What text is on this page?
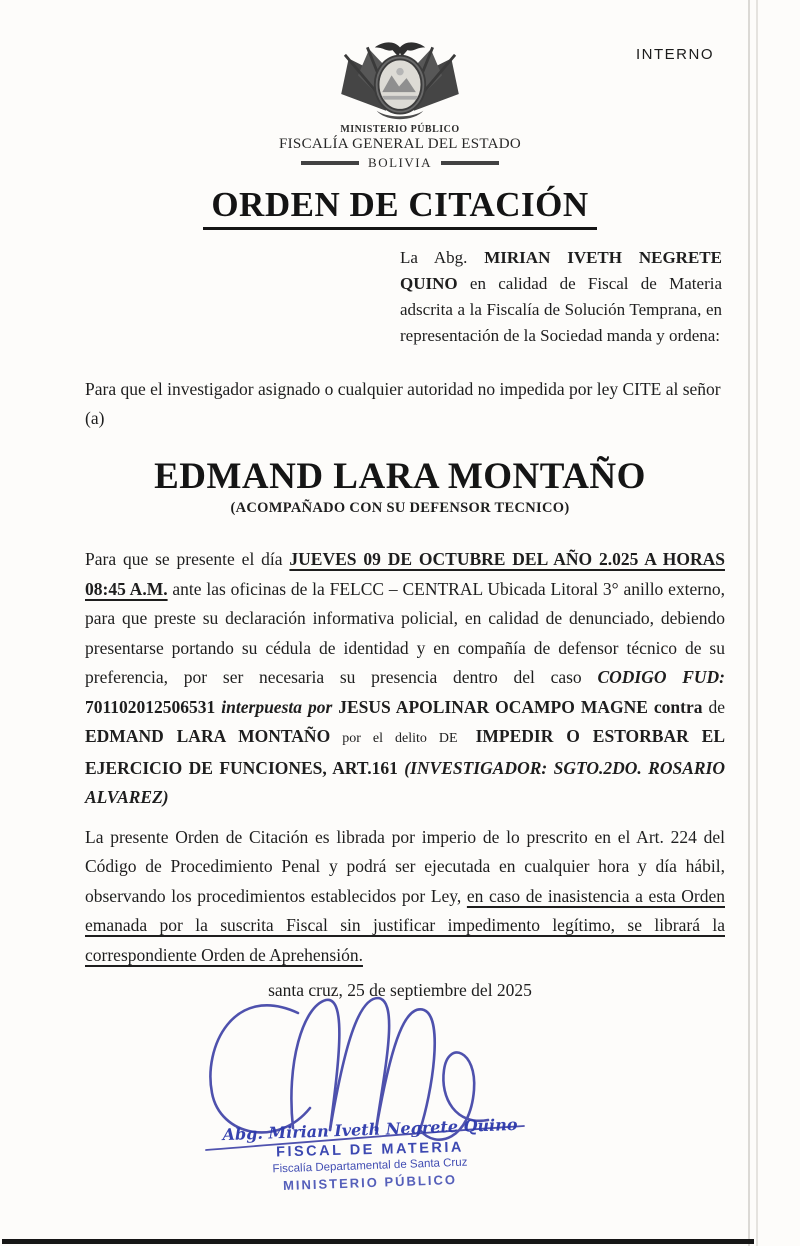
INTERNO
MINISTERIO PÚBLICO
FISCALÍA GENERAL DEL ESTADO
BOLIVIA
ORDEN DE CITACIÓN

La Abg. MIRIAN IVETH NEGRETE QUINO en calidad de Fiscal de Materia adscrita a la Fiscalía de Solución Temprana, en representación de la Sociedad manda y ordena:

Para que el investigador asignado o cualquier autoridad no impedida por ley CITE al señor (a)

EDMAND LARA MONTAÑO
(ACOMPAÑADO CON SU DEFENSOR TECNICO)

Para que se presente el día JUEVES 09 DE OCTUBRE DEL AÑO 2.025 A HORAS 08:45 A.M. ante las oficinas de la FELCC – CENTRAL Ubicada Litoral 3° anillo externo, para que preste su declaración informativa policial, en calidad de denunciado, debiendo presentarse portando su cédula de identidad y en compañía de defensor técnico de su preferencia, por ser necesaria su presencia dentro del caso CODIGO FUD: 701102012506531 interpuesta por JESUS APOLINAR OCAMPO MAGNE contra de EDMAND LARA MONTAÑO por el delito DE IMPEDIR O ESTORBAR EL EJERCICIO DE FUNCIONES, ART.161 (INVESTIGADOR: SGTO.2DO. ROSARIO ALVAREZ)

La presente Orden de Citación es librada por imperio de lo prescrito en el Art. 224 del Código de Procedimiento Penal y podrá ser ejecutada en cualquier hora y día hábil, observando los procedimientos establecidos por Ley, en caso de inasistencia a esta Orden emanada por la suscrita Fiscal sin justificar impedimento legítimo, se librará la correspondiente Orden de Aprehensión.

santa cruz, 25 de septiembre del 2025

Abg. Mirian Iveth Negrete Quino
FISCAL DE MATERIA
Fiscalía Departamental de Santa Cruz
MINISTERIO PÚBLICO
